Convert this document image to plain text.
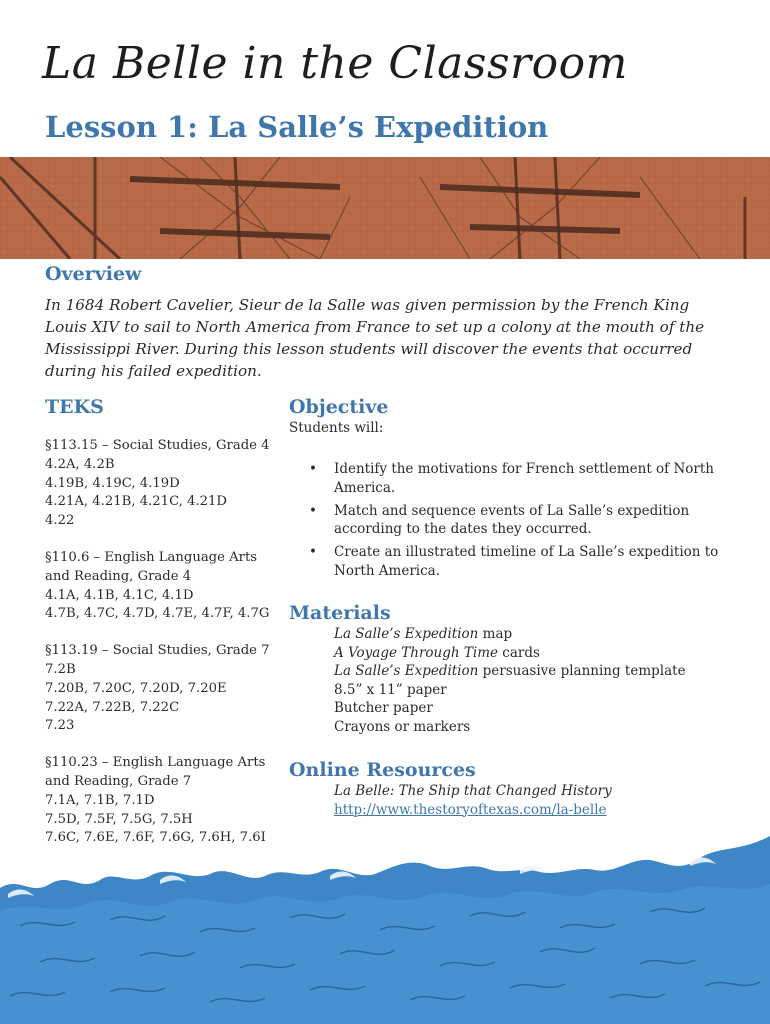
La Belle in the Classroom
Lesson 1: La Salle’s Expedition
Overview

In 1684 Robert Cavelier, Sieur de la Salle was given permission by the French King Louis XIV to sail to North America from France to set up a colony at the mouth of the Mississippi River. During this lesson students will discover the events that occurred during his failed expedition.

TEKS
§113.15 – Social Studies, Grade 4
4.2A, 4.2B
4.19B, 4.19C, 4.19D
4.21A, 4.21B, 4.21C, 4.21D
4.22
§110.6 – English Language Arts and Reading, Grade 4
4.1A, 4.1B, 4.1C, 4.1D
4.7B, 4.7C, 4.7D, 4.7E, 4.7F, 4.7G
§113.19 – Social Studies, Grade 7
7.2B
7.20B, 7.20C, 7.20D, 7.20E
7.22A, 7.22B, 7.22C
7.23
§110.23 – English Language Arts and Reading, Grade 7
7.1A, 7.1B, 7.1D
7.5D, 7.5F, 7.5G, 7.5H
7.6C, 7.6E, 7.6F, 7.6G, 7.6H, 7.6I
Objective
Students will:
• Identify the motivations for French settlement of North America.
• Match and sequence events of La Salle’s expedition according to the dates they occurred.
• Create an illustrated timeline of La Salle’s expedition to North America.
Materials
La Salle’s Expedition map
A Voyage Through Time cards
La Salle’s Expedition persuasive planning template
8.5” x 11” paper
Butcher paper
Crayons or markers
Online Resources
La Belle: The Ship that Changed History
http://www.thestoryoftexas.com/la-belle
